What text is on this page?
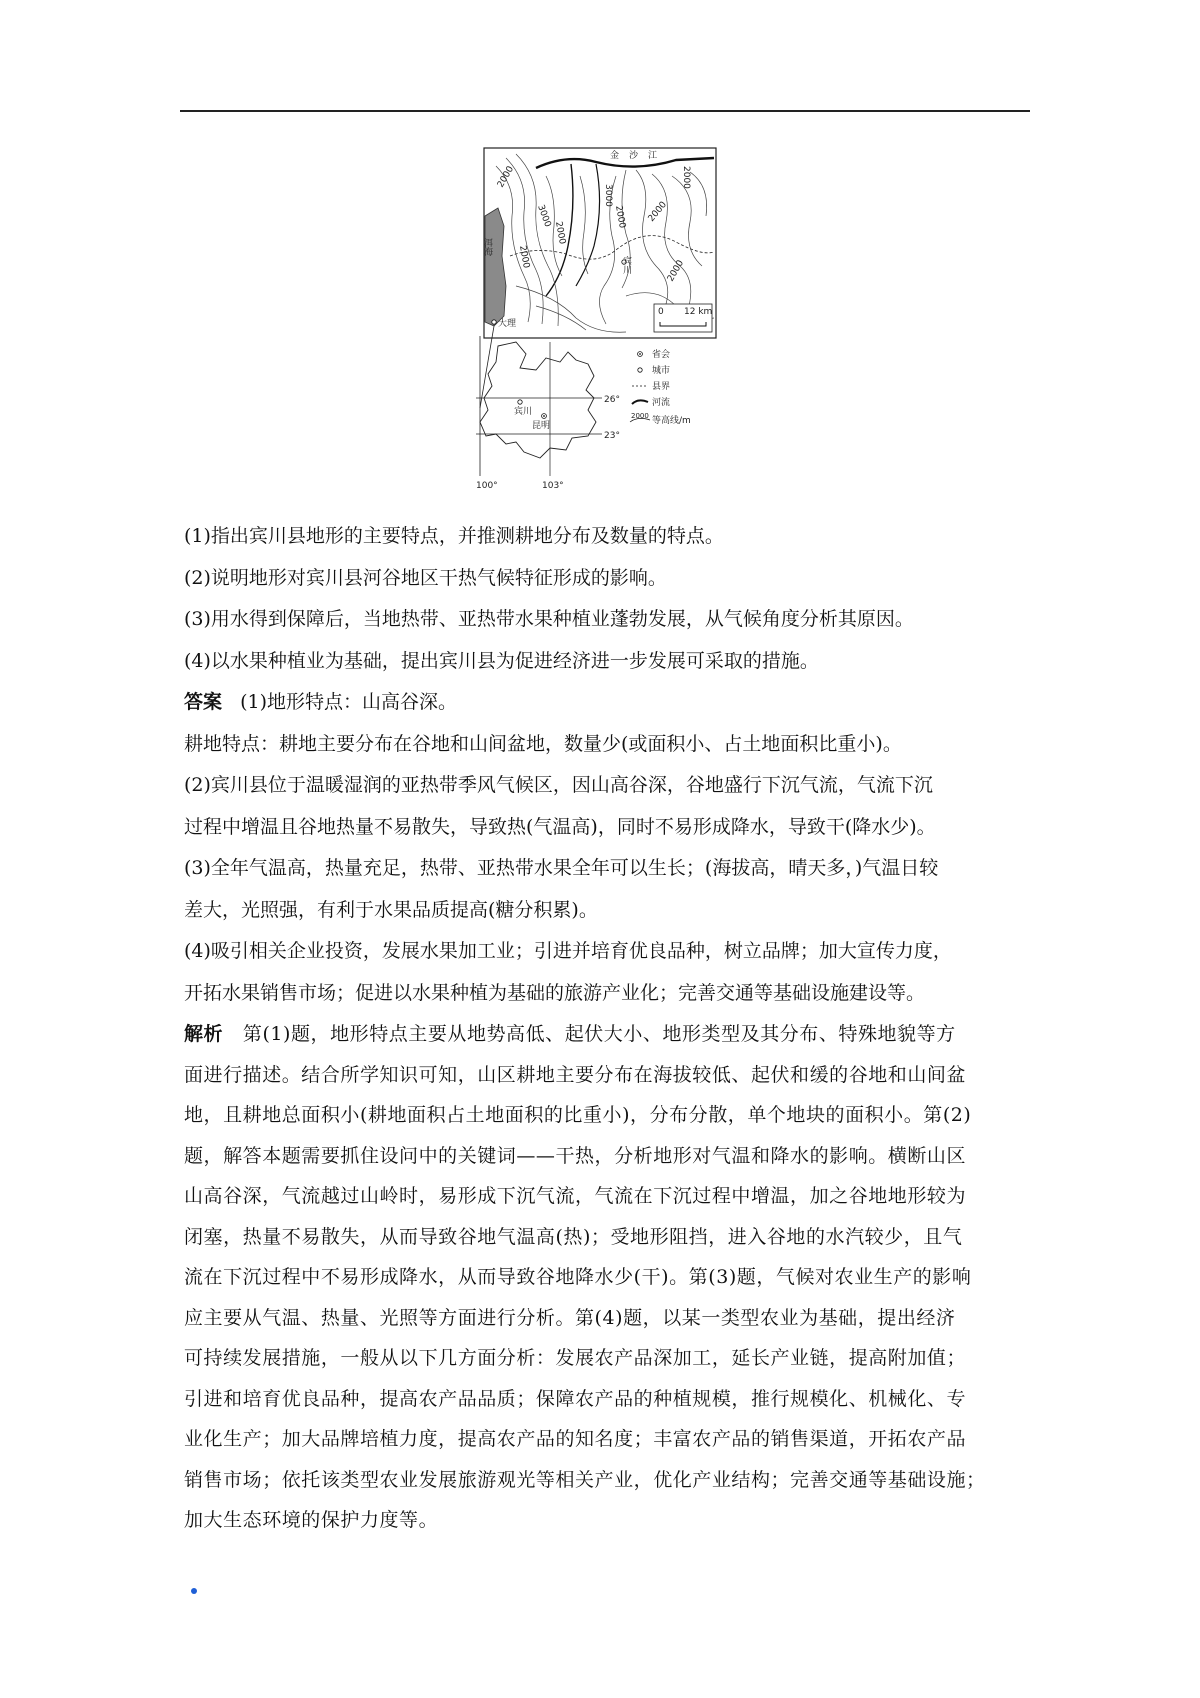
2000
3000
2000
2000
3000
2000 2000
2000
2000
金沙江
洱海
宾川
大理
0 12 km
宾川
昆明
26°
23°
100°	103°
省会
城市
县界
河流
2000 等高线/m

(1)指出宾川县地形的主要特点，并推测耕地分布及数量的特点。

(2)说明地形对宾川县河谷地区干热气候特征形成的影响。

(3)用水得到保障后，当地热带、亚热带水果种植业蓬勃发展，从气候角度分析其原因。

(4)以水果种植业为基础，提出宾川县为促进经济进一步发展可采取的措施。

答案 (1)地形特点：山高谷深。

耕地特点：耕地主要分布在谷地和山间盆地，数量少(或面积小、占土地面积比重小)。

(2)宾川县位于温暖湿润的亚热带季风气候区，因山高谷深，谷地盛行下沉气流，气流下沉

过程中增温且谷地热量不易散失，导致热(气温高)，同时不易形成降水，导致干(降水少)。

(3)全年气温高，热量充足，热带、亚热带水果全年可以生长；(海拔高，晴天多，)气温日较

差大，光照强，有利于水果品质提高(糖分积累)。

(4)吸引相关企业投资，发展水果加工业；引进并培育优良品种，树立品牌；加大宣传力度，

开拓水果销售市场；促进以水果种植为基础的旅游产业化；完善交通等基础设施建设等。

解析 第(1)题，地形特点主要从地势高低、起伏大小、地形类型及其分布、特殊地貌等方

面进行描述。结合所学知识可知，山区耕地主要分布在海拔较低、起伏和缓的谷地和山间盆

地，且耕地总面积小(耕地面积占土地面积的比重小)，分布分散，单个地块的面积小。第(2)

题，解答本题需要抓住设问中的关键词——干热，分析地形对气温和降水的影响。横断山区

山高谷深，气流越过山岭时，易形成下沉气流，气流在下沉过程中增温，加之谷地地形较为

闭塞，热量不易散失，从而导致谷地气温高(热)；受地形阻挡，进入谷地的水汽较少，且气

流在下沉过程中不易形成降水，从而导致谷地降水少(干)。第(3)题，气候对农业生产的影响

应主要从气温、热量、光照等方面进行分析。第(4)题，以某一类型农业为基础，提出经济

可持续发展措施，一般从以下几方面分析：发展农产品深加工，延长产业链，提高附加值；

引进和培育优良品种，提高农产品品质；保障农产品的种植规模，推行规模化、机械化、专

业化生产；加大品牌培植力度，提高农产品的知名度；丰富农产品的销售渠道，开拓农产品

销售市场；依托该类型农业发展旅游观光等相关产业，优化产业结构；完善交通等基础设施；

加大生态环境的保护力度等。
